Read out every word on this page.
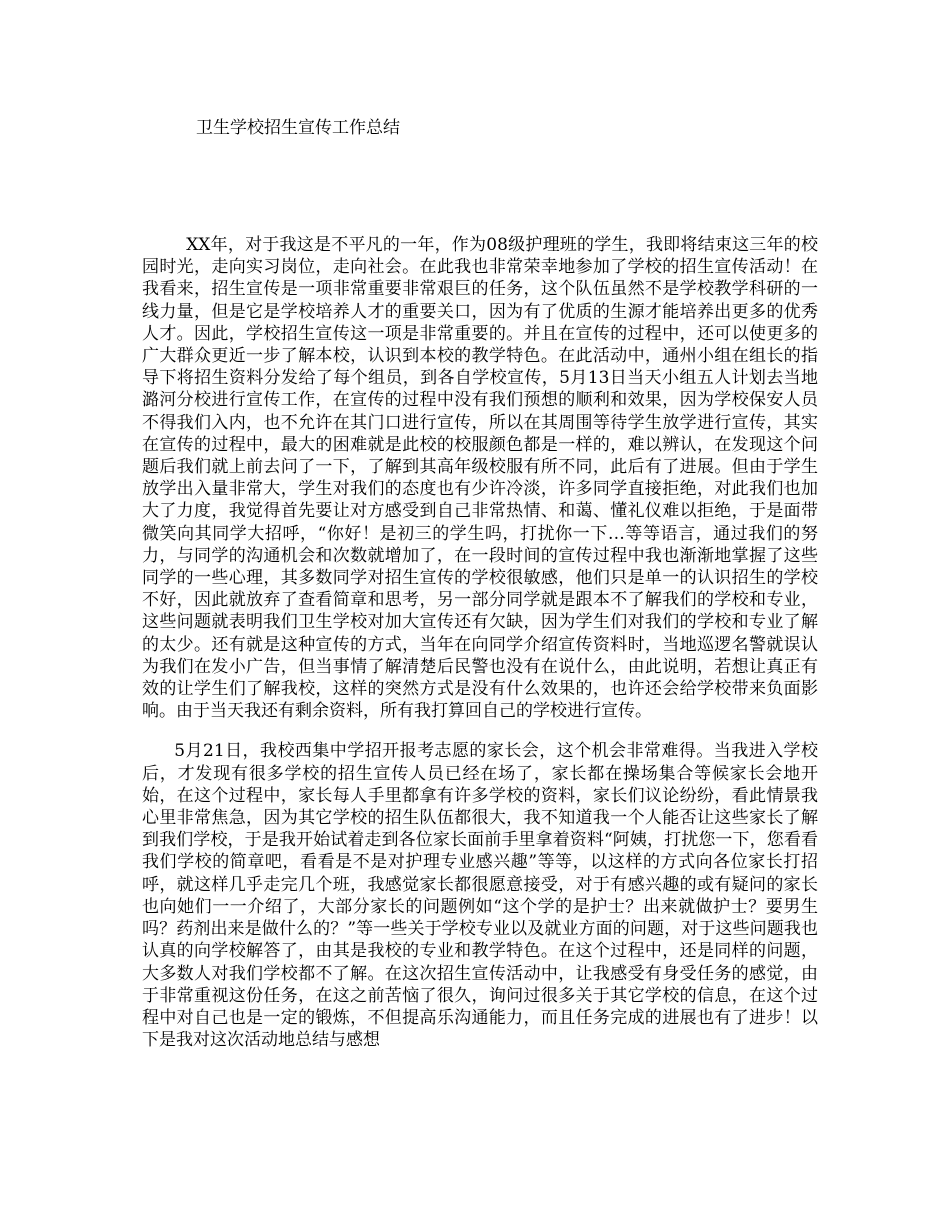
卫生学校招生宣传工作总结

XX年，对于我这是不平凡的一年，作为08级护理班的学生，我即将结束这三年的校园时光，走向实习岗位，走向社会。在此我也非常荣幸地参加了学校的招生宣传活动！在我看来，招生宣传是一项非常重要非常艰巨的任务，这个队伍虽然不是学校教学科研的一线力量，但是它是学校培养人才的重要关口，因为有了优质的生源才能培养出更多的优秀人才。因此，学校招生宣传这一项是非常重要的。并且在宣传的过程中，还可以使更多的广大群众更近一步了解本校，认识到本校的教学特色。在此活动中，通州小组在组长的指导下将招生资料分发给了每个组员，到各自学校宣传，5月13日当天小组五人计划去当地潞河分校进行宣传工作，在宣传的过程中没有我们预想的顺利和效果，因为学校保安人员不得我们入内，也不允许在其门口进行宣传，所以在其周围等待学生放学进行宣传，其实在宣传的过程中，最大的困难就是此校的校服颜色都是一样的，难以辨认，在发现这个问题后我们就上前去问了一下，了解到其高年级校服有所不同，此后有了进展。但由于学生放学出入量非常大，学生对我们的态度也有少许冷淡，许多同学直接拒绝，对此我们也加大了力度，我觉得首先要让对方感受到自己非常热情、和蔼、懂礼仪难以拒绝，于是面带微笑向其同学大招呼，“你好！是初三的学生吗，打扰你一下…等等语言，通过我们的努力，与同学的沟通机会和次数就增加了，在一段时间的宣传过程中我也渐渐地掌握了这些同学的一些心理，其多数同学对招生宣传的学校很敏感，他们只是单一的认识招生的学校不好，因此就放弃了查看简章和思考，另一部分同学就是跟本不了解我们的学校和专业，这些问题就表明我们卫生学校对加大宣传还有欠缺，因为学生们对我们的学校和专业了解的太少。还有就是这种宣传的方式，当年在向同学介绍宣传资料时，当地巡逻名警就误认为我们在发小广告，但当事情了解清楚后民警也没有在说什么，由此说明，若想让真正有效的让学生们了解我校，这样的突然方式是没有什么效果的，也许还会给学校带来负面影响。由于当天我还有剩余资料，所有我打算回自己的学校进行宣传。

5月21日，我校西集中学招开报考志愿的家长会，这个机会非常难得。当我进入学校后，才发现有很多学校的招生宣传人员已经在场了，家长都在操场集合等候家长会地开始，在这个过程中，家长每人手里都拿有许多学校的资料，家长们议论纷纷，看此情景我心里非常焦急，因为其它学校的招生队伍都很大，我不知道我一个人能否让这些家长了解到我们学校，于是我开始试着走到各位家长面前手里拿着资料“阿姨，打扰您一下，您看看我们学校的简章吧，看看是不是对护理专业感兴趣”等等，以这样的方式向各位家长打招呼，就这样几乎走完几个班，我感觉家长都很愿意接受，对于有感兴趣的或有疑问的家长也向她们一一介绍了，大部分家长的问题例如“这个学的是护士？出来就做护士？要男生吗？药剂出来是做什么的？”等一些关于学校专业以及就业方面的问题，对于这些问题我也认真的向学校解答了，由其是我校的专业和教学特色。在这个过程中，还是同样的问题，大多数人对我们学校都不了解。在这次招生宣传活动中，让我感受有身受任务的感觉，由于非常重视这份任务，在这之前苦恼了很久，询问过很多关于其它学校的信息，在这个过程中对自己也是一定的锻炼，不但提高乐沟通能力，而且任务完成的进展也有了进步！以下是我对这次活动地总结与感想
